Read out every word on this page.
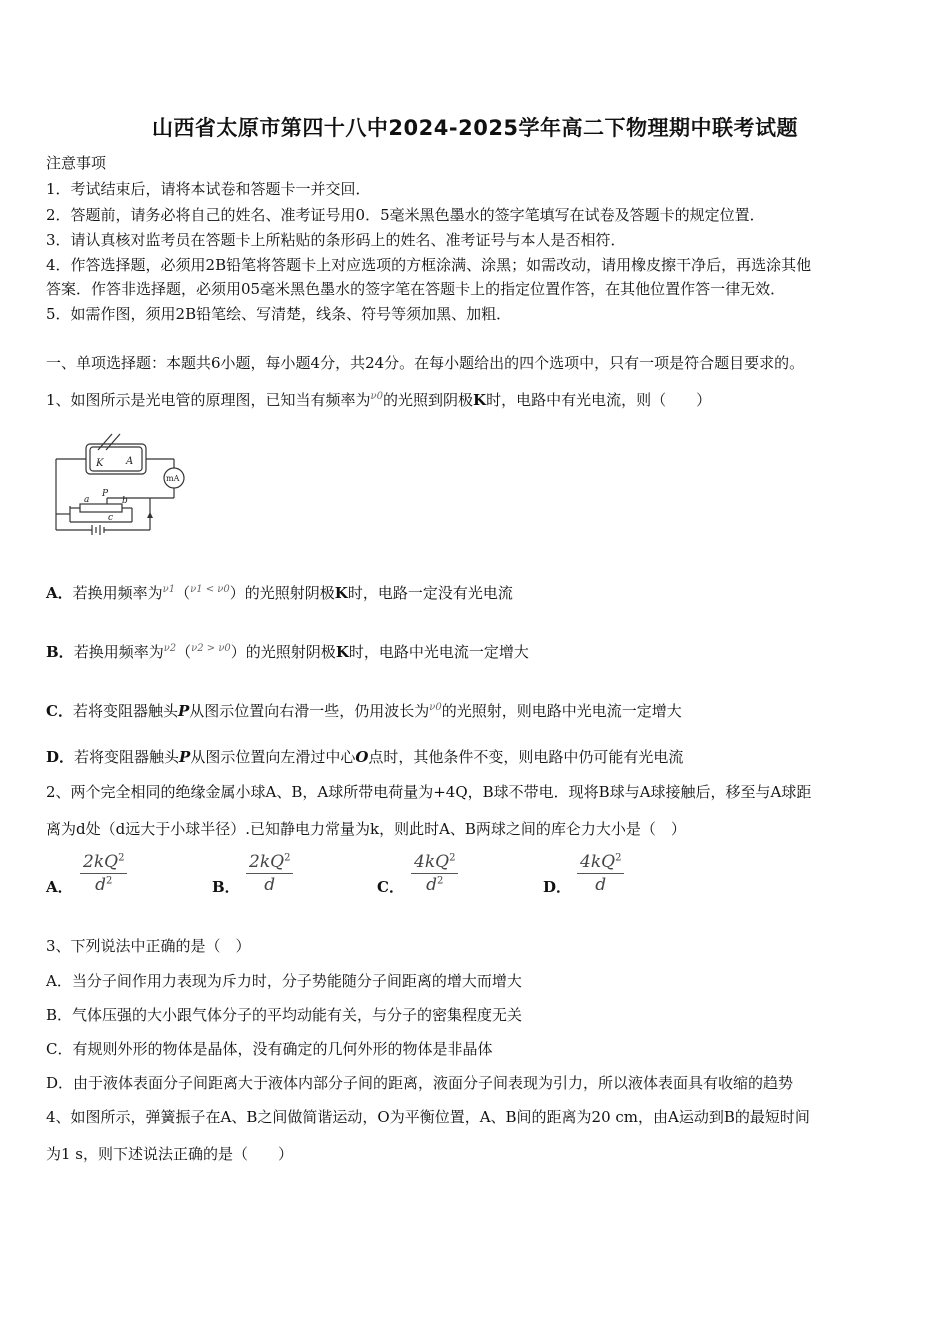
山西省太原市第四十八中2024-2025学年高二下物理期中联考试题
注意事项
1．考试结束后，请将本试卷和答题卡一并交回．
2．答题前，请务必将自己的姓名、准考证号用0．5毫米黑色墨水的签字笔填写在试卷及答题卡的规定位置．
3．请认真核对监考员在答题卡上所粘贴的条形码上的姓名、准考证号与本人是否相符．
4．作答选择题，必须用2B铅笔将答题卡上对应选项的方框涂满、涂黑；如需改动，请用橡皮擦干净后，再选涂其他
答案．作答非选择题，必须用05毫米黑色墨水的签字笔在答题卡上的指定位置作答，在其他位置作答一律无效．
5．如需作图，须用2B铅笔绘、写清楚，线条、符号等须加黑、加粗．
一、单项选择题：本题共6小题，每小题4分，共24分。在每小题给出的四个选项中，只有一项是符合题目要求的。
1、如图所示是光电管的原理图，已知当有频率为$^{\nu 0}$的光照到阴极K时，电路中有光电流，则（　　）
K A
mA
a
P
b
c
A．若换用频率为$^{\nu 1}$（$^{\nu 1 < \nu 0}$）的光照射阴极K时，电路一定没有光电流
B．若换用频率为$^{\nu 2}$（$^{\nu 2 > \nu 0}$）的光照射阴极K时，电路中光电流一定增大
C．若将变阻器触头P从图示位置向右滑一些，仍用波长为$^{\nu 0}$的光照射，则电路中光电流一定增大
D．若将变阻器触头P从图示位置向左滑过中心O点时，其他条件不变，则电路中仍可能有光电流
2、两个完全相同的绝缘金属小球A、B，A球所带电荷量为+4Q，B球不带电．现将B球与A球接触后，移至与A球距
离为d处（d远大于小球半径）.已知静电力常量为k，则此时A、B两球之间的库仑力大小是（　）
A． $\frac{2kQ^2}{d^2}$	B． $\frac{2kQ^2}{d}$	C． $\frac{4kQ^2}{d^2}$	D． $\frac{4kQ^2}{d}$
3、下列说法中正确的是（　）
A．当分子间作用力表现为斥力时，分子势能随分子间距离的增大而增大
B．气体压强的大小跟气体分子的平均动能有关，与分子的密集程度无关
C．有规则外形的物体是晶体，没有确定的几何外形的物体是非晶体
D．由于液体表面分子间距离大于液体内部分子间的距离，液面分子间表现为引力，所以液体表面具有收缩的趋势
4、如图所示，弹簧振子在A、B之间做简谐运动，O为平衡位置，A、B间的距离为20 cm，由A运动到B的最短时间
为1 s，则下述说法正确的是（　　）
